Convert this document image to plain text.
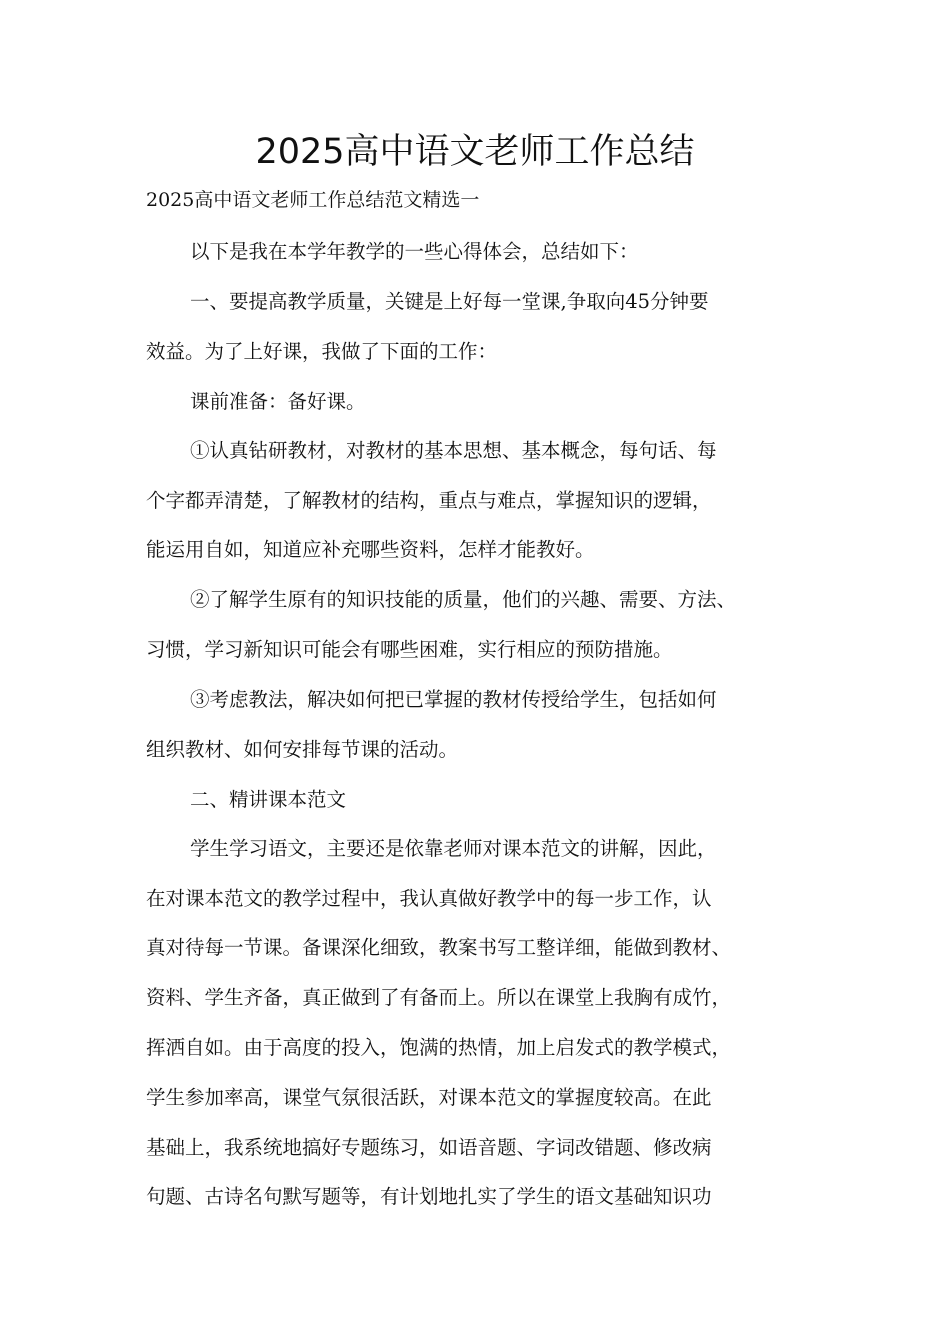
2025高中语文老师工作总结
2025高中语文老师工作总结范文精选一
以下是我在本学年教学的一些心得体会，总结如下：
一、要提高教学质量，关键是上好每一堂课,争取向45分钟要
效益。为了上好课，我做了下面的工作：
课前准备：备好课。
①认真钻研教材，对教材的基本思想、基本概念，每句话、每
个字都弄清楚，了解教材的结构，重点与难点，掌握知识的逻辑，
能运用自如，知道应补充哪些资料，怎样才能教好。
②了解学生原有的知识技能的质量，他们的兴趣、需要、方法、
习惯，学习新知识可能会有哪些困难，实行相应的预防措施。
③考虑教法，解决如何把已掌握的教材传授给学生，包括如何
组织教材、如何安排每节课的活动。
二、精讲课本范文
学生学习语文，主要还是依靠老师对课本范文的讲解，因此，
在对课本范文的教学过程中，我认真做好教学中的每一步工作，认
真对待每一节课。备课深化细致，教案书写工整详细，能做到教材、
资料、学生齐备，真正做到了有备而上。所以在课堂上我胸有成竹，
挥洒自如。由于高度的投入，饱满的热情，加上启发式的教学模式，
学生参加率高，课堂气氛很活跃，对课本范文的掌握度较高。在此
基础上，我系统地搞好专题练习，如语音题、字词改错题、修改病
句题、古诗名句默写题等，有计划地扎实了学生的语文基础知识功
